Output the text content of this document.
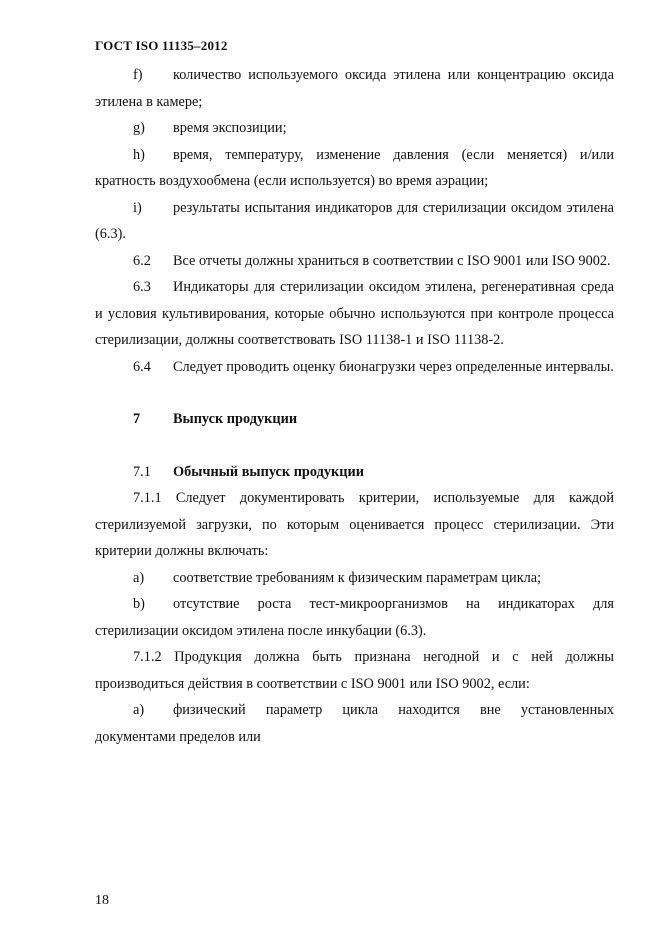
ГОСТ ISO 11135–2012

f) количество используемого оксида этилена или концентрацию оксида этилена в камере;

g) время экспозиции;

h) время, температуру, изменение давления (если меняется) и/или кратность воздухообмена (если используется) во время аэрации;

i) результаты испытания индикаторов для стерилизации оксидом этилена (6.3).

6.2 Все отчеты должны храниться в соответствии с ISO 9001 или ISO 9002.

6.3 Индикаторы для стерилизации оксидом этилена, регенеративная среда и условия культивирования, которые обычно используются при контроле процесса стерилизации, должны соответствовать ISO 11138-1 и ISO 11138-2.

6.4 Следует проводить оценку бионагрузки через определенные интервалы.

7 Выпуск продукции

7.1 Обычный выпуск продукции

7.1.1 Следует документировать критерии, используемые для каждой стерилизуемой загрузки, по которым оценивается процесс стерилизации. Эти критерии должны включать:

a) соответствие требованиям к физическим параметрам цикла;

b) отсутствие роста тест-микроорганизмов на индикаторах для стерилизации оксидом этилена после инкубации (6.3).

7.1.2 Продукция должна быть признана негодной и с ней должны производиться действия в соответствии с ISO 9001 или ISO 9002, если:

a) физический параметр цикла находится вне установленных документами пределов или

18
